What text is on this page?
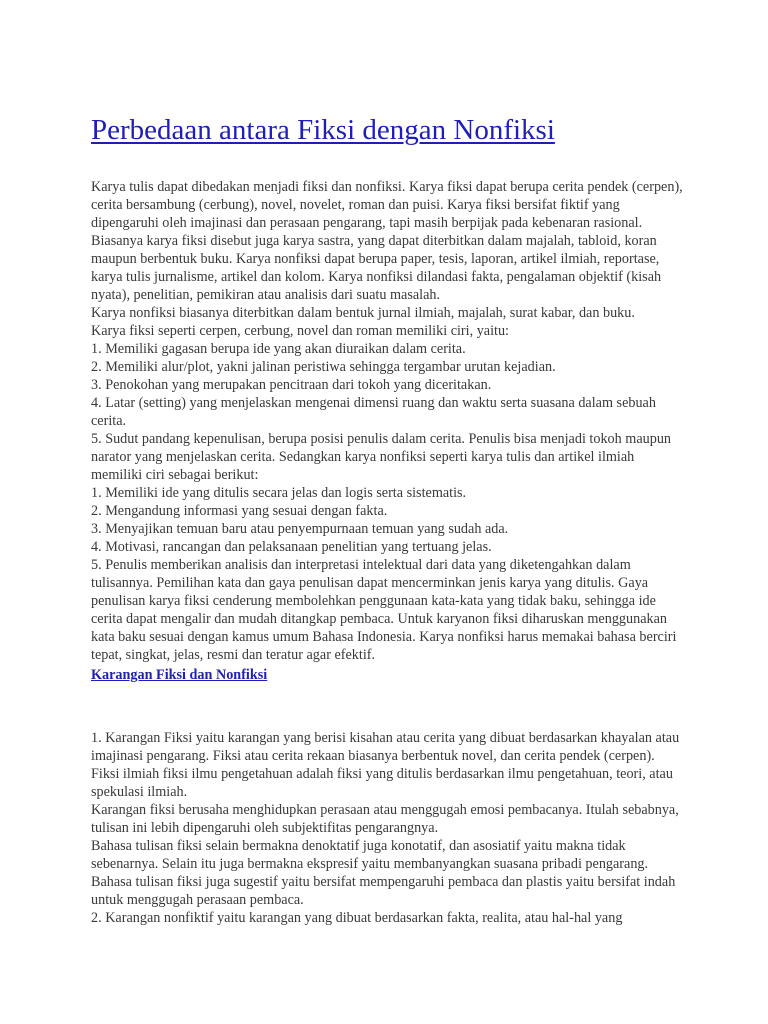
Perbedaan antara Fiksi dengan Nonfiksi

Karya tulis dapat dibedakan menjadi fiksi dan nonfiksi. Karya fiksi dapat berupa cerita pendek (cerpen), cerita bersambung (cerbung), novel, novelet, roman dan puisi. Karya fiksi bersifat fiktif yang dipengaruhi oleh imajinasi dan perasaan pengarang, tapi masih berpijak pada kebenaran rasional. Biasanya karya fiksi disebut juga karya sastra, yang dapat diterbitkan dalam majalah, tabloid, koran maupun berbentuk buku. Karya nonfiksi dapat berupa paper, tesis, laporan, artikel ilmiah, reportase, karya tulis jurnalisme, artikel dan kolom. Karya nonfiksi dilandasi fakta, pengalaman objektif (kisah nyata), penelitian, pemikiran atau analisis dari suatu masalah.

Karya nonfiksi biasanya diterbitkan dalam bentuk jurnal ilmiah, majalah, surat kabar, dan buku.

Karya fiksi seperti cerpen, cerbung, novel dan roman memiliki ciri, yaitu:

1. Memiliki gagasan berupa ide yang akan diuraikan dalam cerita.

2. Memiliki alur/plot, yakni jalinan peristiwa sehingga tergambar urutan kejadian.

3. Penokohan yang merupakan pencitraan dari tokoh yang diceritakan.

4. Latar (setting) yang menjelaskan mengenai dimensi ruang dan waktu serta suasana dalam sebuah cerita.

5. Sudut pandang kepenulisan, berupa posisi penulis dalam cerita. Penulis bisa menjadi tokoh maupun narator yang menjelaskan cerita. Sedangkan karya nonfiksi seperti karya tulis dan artikel ilmiah memiliki ciri sebagai berikut:

1. Memiliki ide yang ditulis secara jelas dan logis serta sistematis.

2. Mengandung informasi yang sesuai dengan fakta.

3. Menyajikan temuan baru atau penyempurnaan temuan yang sudah ada.

4. Motivasi, rancangan dan pelaksanaan penelitian yang tertuang jelas.

5. Penulis memberikan analisis dan interpretasi intelektual dari data yang diketengahkan dalam tulisannya. Pemilihan kata dan gaya penulisan dapat mencerminkan jenis karya yang ditulis. Gaya penulisan karya fiksi cenderung membolehkan penggunaan kata-kata yang tidak baku, sehingga ide cerita dapat mengalir dan mudah ditangkap pembaca. Untuk karyanon fiksi diharuskan menggunakan kata baku sesuai dengan kamus umum Bahasa Indonesia. Karya nonfiksi harus memakai bahasa berciri tepat, singkat, jelas, resmi dan teratur agar efektif.

Karangan Fiksi dan Nonfiksi

1. Karangan Fiksi yaitu karangan yang berisi kisahan atau cerita yang dibuat berdasarkan khayalan atau imajinasi pengarang. Fiksi atau cerita rekaan biasanya berbentuk novel, dan cerita pendek (cerpen). Fiksi ilmiah fiksi ilmu pengetahuan adalah fiksi yang ditulis berdasarkan ilmu pengetahuan, teori, atau spekulasi ilmiah.

Karangan fiksi berusaha menghidupkan perasaan atau menggugah emosi pembacanya. Itulah sebabnya, tulisan ini lebih dipengaruhi oleh subjektifitas pengarangnya.

Bahasa tulisan fiksi selain bermakna denoktatif juga konotatif, dan asosiatif yaitu makna tidak sebenarnya. Selain itu juga bermakna ekspresif yaitu membanyangkan suasana pribadi pengarang. Bahasa tulisan fiksi juga sugestif yaitu bersifat mempengaruhi pembaca dan plastis yaitu bersifat indah untuk menggugah perasaan pembaca.

2. Karangan nonfiktif yaitu karangan yang dibuat berdasarkan fakta, realita, atau hal-hal yang
